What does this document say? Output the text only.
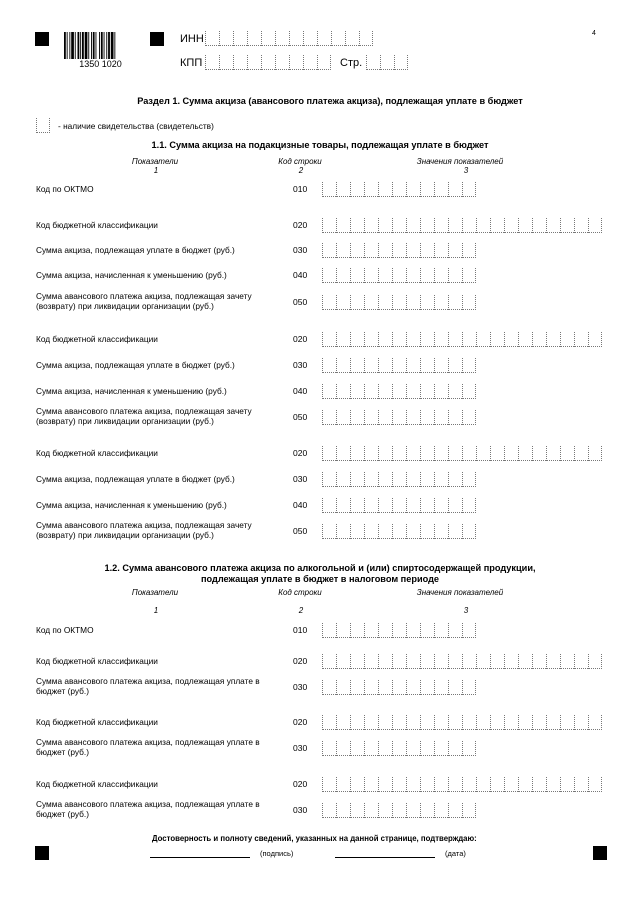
4
1350 1020
ИНН
КПП	Стр.
Раздел 1. Сумма акциза (авансового платежа акциза), подлежащая уплате в бюджет
- наличие свидетельства (свидетельств)
1.1. Сумма акциза на подакцизные товары, подлежащая уплате в бюджет
Показатели	Код строки	Значения показателей
1	2	3
Код по ОКТМО	010
Код бюджетной классификации	020
Сумма акциза, подлежащая уплате в бюджет (руб.)	030
Сумма акциза, начисленная к уменьшению (руб.)	040
Сумма авансового платежа акциза, подлежащая зачету (возврату) при ликвидации организации (руб.)	050
Код бюджетной классификации	020
Сумма акциза, подлежащая уплате в бюджет (руб.)	030
Сумма акциза, начисленная к уменьшению (руб.)	040
Сумма авансового платежа акциза, подлежащая зачету (возврату) при ликвидации организации (руб.)	050
Код бюджетной классификации	020
Сумма акциза, подлежащая уплате в бюджет (руб.)	030
Сумма акциза, начисленная к уменьшению (руб.)	040
Сумма авансового платежа акциза, подлежащая зачету (возврату) при ликвидации организации (руб.)	050
1.2. Сумма авансового платежа акциза по алкогольной и (или) спиртосодержащей продукции, подлежащая уплате в бюджет в налоговом периоде
Показатели	Код строки	Значения показателей
1	2	3
Код по ОКТМО	010
Код бюджетной классификации	020
Сумма авансового платежа акциза, подлежащая уплате в бюджет (руб.)	030
Код бюджетной классификации	020
Сумма авансового платежа акциза, подлежащая уплате в бюджет (руб.)	030
Код бюджетной классификации	020
Сумма авансового платежа акциза, подлежащая уплате в бюджет (руб.)	030
Достоверность и полноту сведений, указанных на данной странице, подтверждаю:
(подпись)	(дата)
